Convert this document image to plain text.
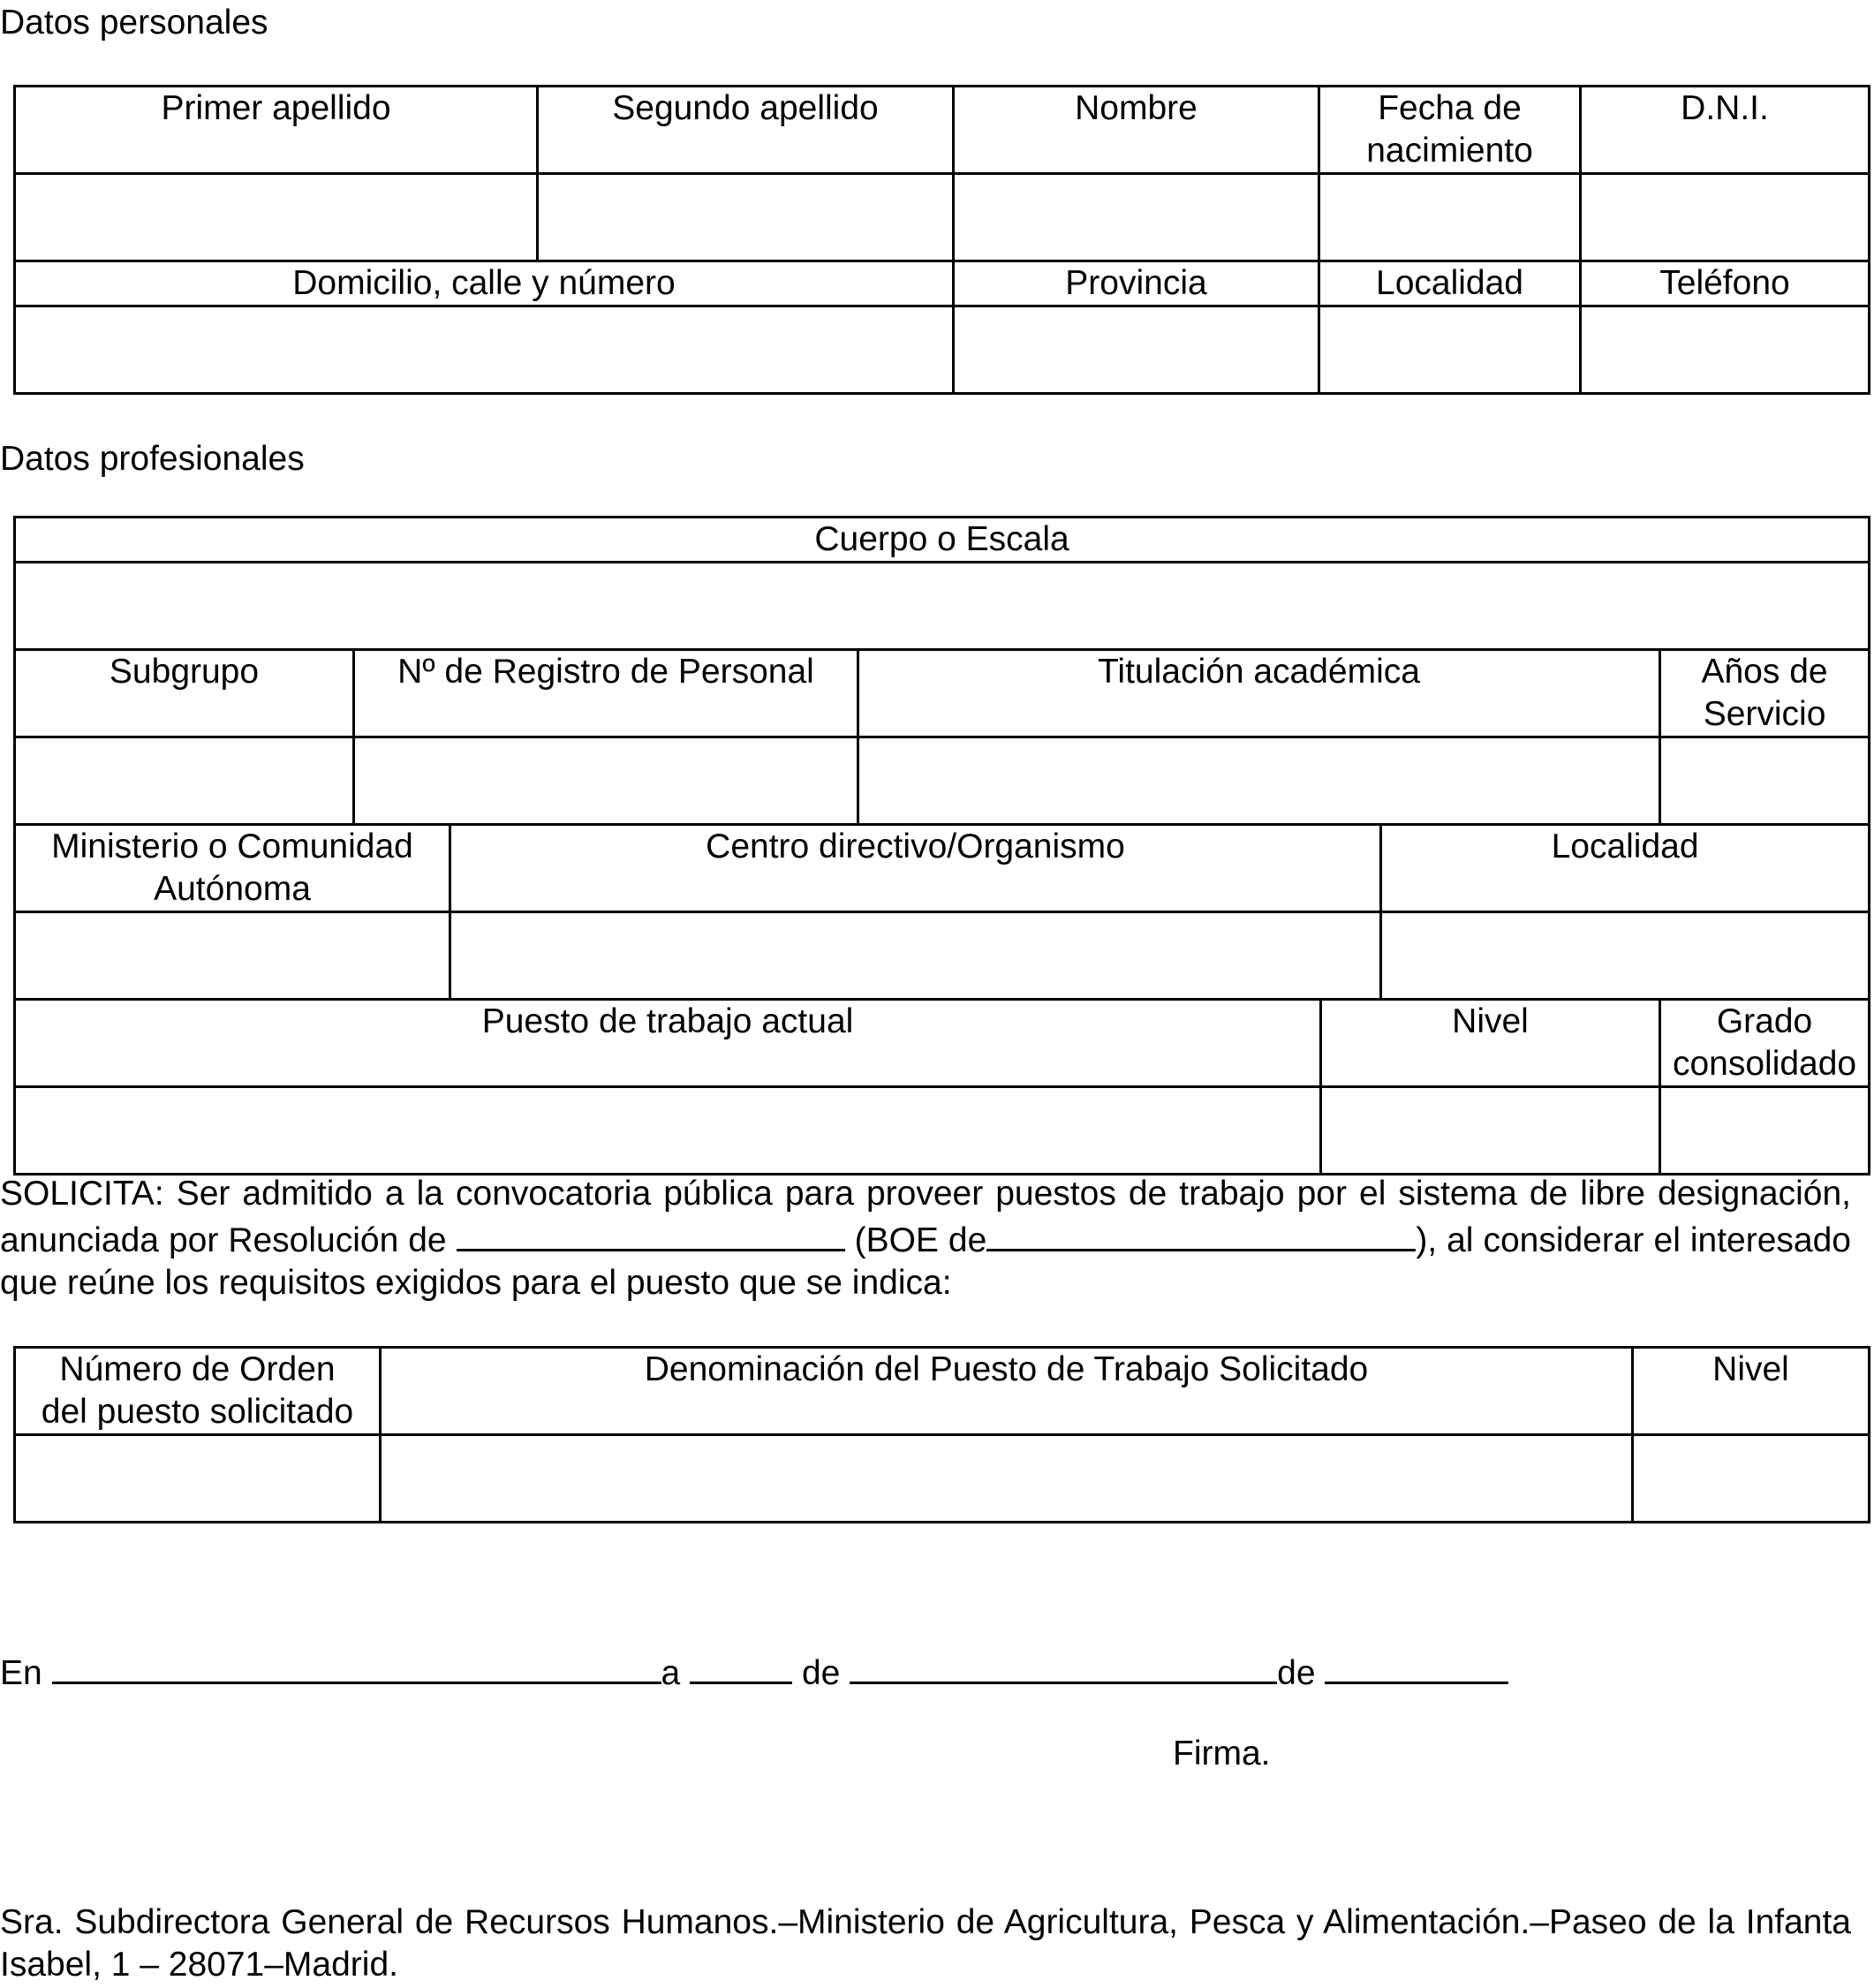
Datos personales
Primer apellido	Segundo apellido	Nombre	Fecha de
nacimiento	D.N.I.

Domicilio, calle y número		Provincia	Localidad	Teléfono

Datos profesionales
Cuerpo o Escala						

Subgrupo	Nº de Registro de Personal		Titulación académica			Años de
Servicio

Ministerio o Comunidad Autónoma		Centro directivo/Organismo			Localidad	

Puesto de trabajo actual				Nivel		Grado
consolidado

SOLICITA: Ser admitido a la convocatoria pública para proveer puestos de trabajo por el sistema de libre designación, anunciada por Resolución de	(BOE de	), al considerar el interesado que reúne los requisitos exigidos para el puesto que se indica:

Número de Orden
del puesto solicitado	Denominación del Puesto de Trabajo Solicitado	Nivel

En	a	de	de
Firma.

Sra. Subdirectora General de Recursos Humanos.–Ministerio de Agricultura, Pesca y Alimentación.–Paseo de la Infanta Isabel, 1 – 28071–Madrid.
